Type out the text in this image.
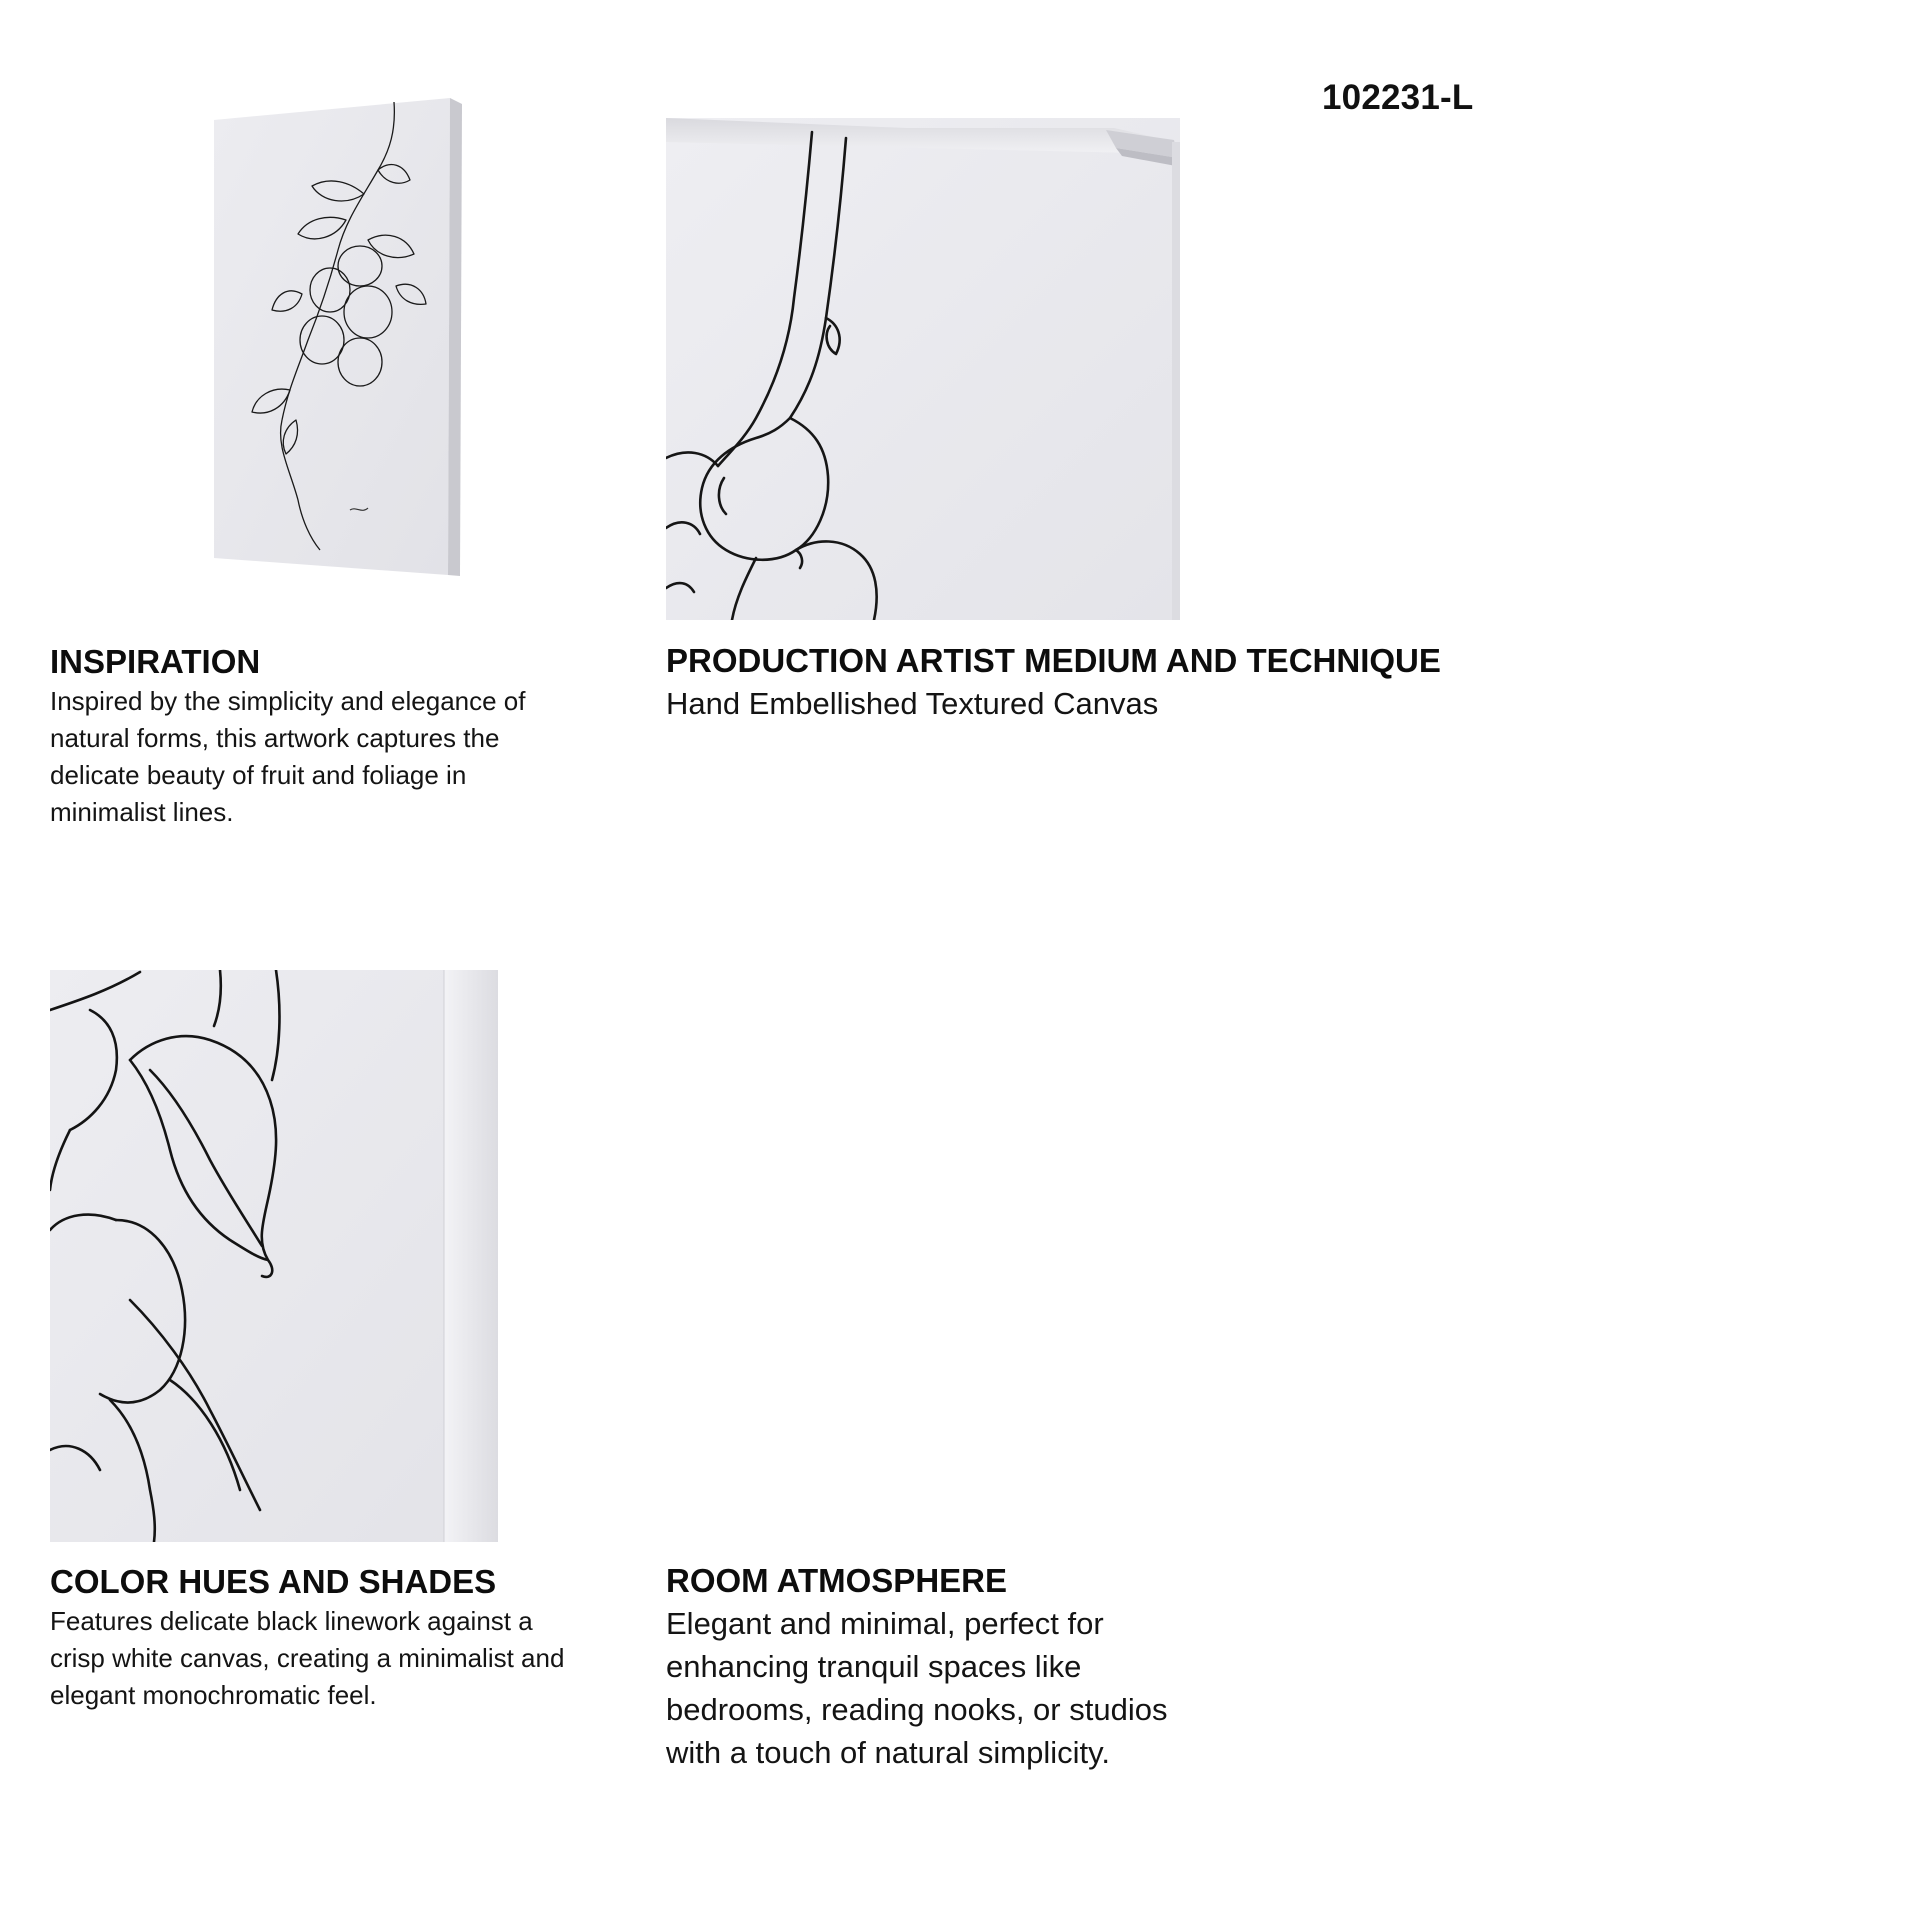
102231-L

INSPIRATION

Inspired by the simplicity and elegance of

natural forms, this artwork captures the

delicate beauty of fruit and foliage in

minimalist lines.

PRODUCTION ARTIST MEDIUM AND TECHNIQUE

Hand Embellished Textured Canvas

COLOR HUES AND SHADES

Features delicate black linework against a

crisp white canvas, creating a minimalist and

elegant monochromatic feel.

ROOM ATMOSPHERE

Elegant and minimal, perfect for

enhancing tranquil spaces like

bedrooms, reading nooks, or studios

with a touch of natural simplicity.
